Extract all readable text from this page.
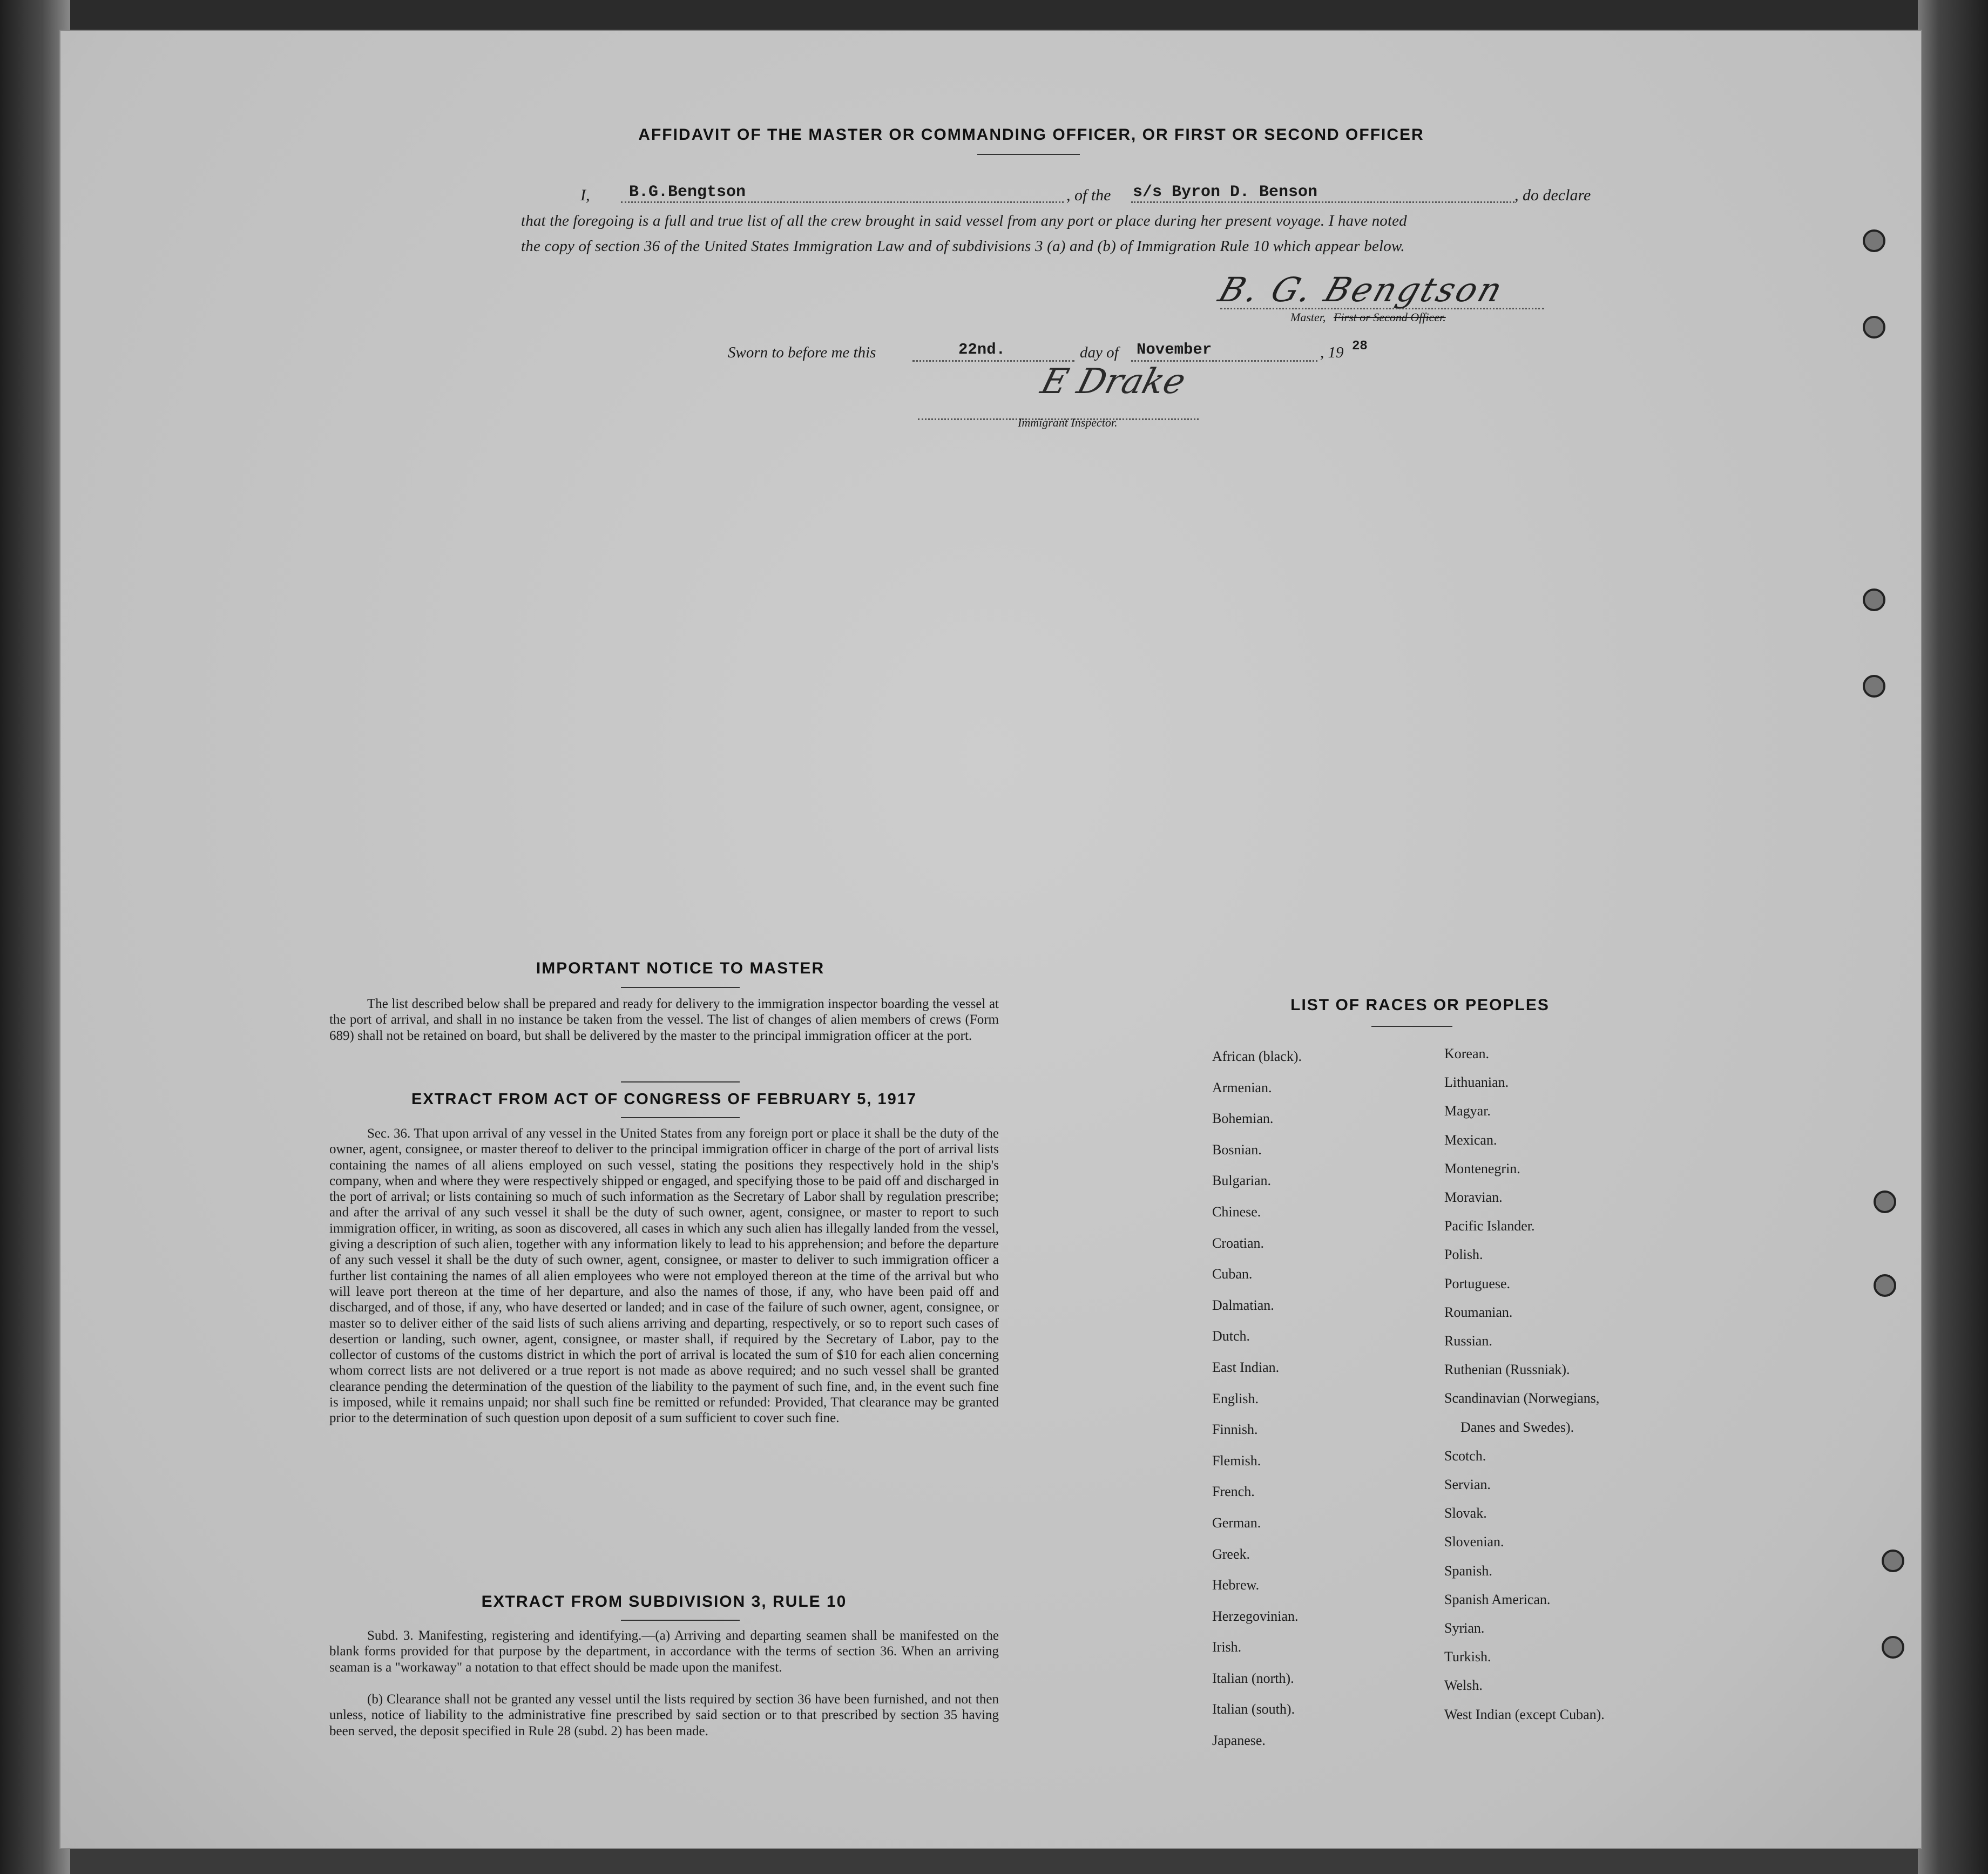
AFFIDAVIT OF THE MASTER OR COMMANDING OFFICER, OR FIRST OR SECOND OFFICER
I, B.G.Bengtson	, of the s/s Byron D. Benson	, do declare
that the foregoing is a full and true list of all the crew brought in said vessel from any port or place during her present voyage. I have noted
the copy of section 36 of the United States Immigration Law and of subdivisions 3 (a) and (b) of Immigration Rule 10 which appear below.
B. G. Bengtson
Master, First or Second Officer.
Sworn to before me this	22nd.	day of November	, 19 28
E Drake
Immigrant Inspector.
IMPORTANT NOTICE TO MASTER
The list described below shall be prepared and ready for delivery to the immigration inspector boarding the vessel at the port of arrival, and shall in no instance be taken from the vessel. The list of changes of alien members of crews (Form 689) shall not be retained on board, but shall be delivered by the master to the principal immigration officer at the port.
EXTRACT FROM ACT OF CONGRESS OF FEBRUARY 5, 1917
Sec. 36. That upon arrival of any vessel in the United States from any foreign port or place it shall be the duty of the owner, agent, consignee, or master thereof to deliver to the principal immigration officer in charge of the port of arrival lists containing the names of all aliens employed on such vessel, stating the positions they respectively hold in the ship's company, when and where they were respectively shipped or engaged, and specifying those to be paid off and discharged in the port of arrival; or lists containing so much of such information as the Secretary of Labor shall by regulation prescribe; and after the arrival of any such vessel it shall be the duty of such owner, agent, consignee, or master to report to such immigration officer, in writing, as soon as discovered, all cases in which any such alien has illegally landed from the vessel, giving a description of such alien, together with any information likely to lead to his apprehension; and before the departure of any such vessel it shall be the duty of such owner, agent, consignee, or master to deliver to such immigration officer a further list containing the names of all alien employees who were not employed thereon at the time of the arrival but who will leave port thereon at the time of her departure, and also the names of those, if any, who have been paid off and discharged, and of those, if any, who have deserted or landed; and in case of the failure of such owner, agent, consignee, or master so to deliver either of the said lists of such aliens arriving and departing, respectively, or so to report such cases of desertion or landing, such owner, agent, consignee, or master shall, if required by the Secretary of Labor, pay to the collector of customs of the customs district in which the port of arrival is located the sum of $10 for each alien concerning whom correct lists are not delivered or a true report is not made as above required; and no such vessel shall be granted clearance pending the determination of the question of the liability to the payment of such fine, and, in the event such fine is imposed, while it remains unpaid; nor shall such fine be remitted or refunded: Provided, That clearance may be granted prior to the determination of such question upon deposit of a sum sufficient to cover such fine.
EXTRACT FROM SUBDIVISION 3, RULE 10
Subd. 3. Manifesting, registering and identifying.—(a) Arriving and departing seamen shall be manifested on the blank forms provided for that purpose by the department, in accordance with the terms of section 36. When an arriving seaman is a "workaway" a notation to that effect should be made upon the manifest.
(b) Clearance shall not be granted any vessel until the lists required by section 36 have been furnished, and not then unless, notice of liability to the administrative fine prescribed by said section or to that prescribed by section 35 having been served, the deposit specified in Rule 28 (subd. 2) has been made.
LIST OF RACES OR PEOPLES
African (black).
Armenian.
Bohemian.
Bosnian.
Bulgarian.
Chinese.
Croatian.
Cuban.
Dalmatian.
Dutch.
East Indian.
English.
Finnish.
Flemish.
French.
German.
Greek.
Hebrew.
Herzegovinian.
Irish.
Italian (north).
Italian (south).
Japanese.
Korean.
Lithuanian.
Magyar.
Mexican.
Montenegrin.
Moravian.
Pacific Islander.
Polish.
Portuguese.
Roumanian.
Russian.
Ruthenian (Russniak).
Scandinavian (Norwegians,
Danes and Swedes).
Scotch.
Servian.
Slovak.
Slovenian.
Spanish.
Spanish American.
Syrian.
Turkish.
Welsh.
West Indian (except Cuban).
